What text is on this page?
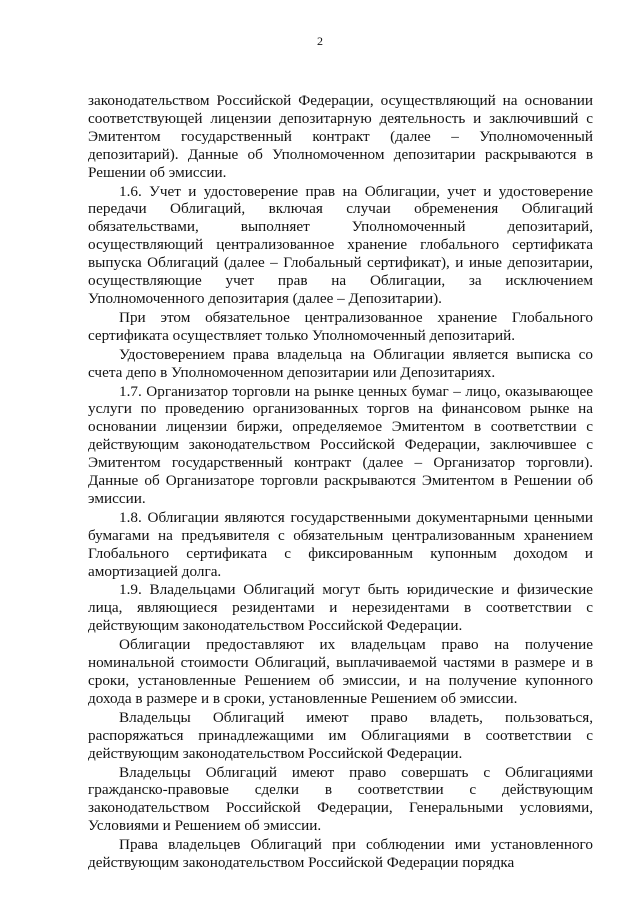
2

законодательством Российской Федерации, осуществляющий на основании соответствующей лицензии депозитарную деятельность и заключивший с Эмитентом государственный контракт (далее – Уполномоченный депозитарий). Данные об Уполномоченном депозитарии раскрываются в Решении об эмиссии.

1.6. Учет и удостоверение прав на Облигации, учет и удостоверение передачи Облигаций, включая случаи обременения Облигаций обязательствами, выполняет Уполномоченный депозитарий, осуществляющий централизованное хранение глобального сертификата выпуска Облигаций (далее – Глобальный сертификат), и иные депозитарии, осуществляющие учет прав на Облигации, за исключением Уполномоченного депозитария (далее – Депозитарии).

При этом обязательное централизованное хранение Глобального сертификата осуществляет только Уполномоченный депозитарий.

Удостоверением права владельца на Облигации является выписка со счета депо в Уполномоченном депозитарии или Депозитариях.

1.7. Организатор торговли на рынке ценных бумаг – лицо, оказывающее услуги по проведению организованных торгов на финансовом рынке на основании лицензии биржи, определяемое Эмитентом в соответствии с действующим законодательством Российской Федерации, заключившее с Эмитентом государственный контракт (далее – Организатор торговли). Данные об Организаторе торговли раскрываются Эмитентом в Решении об эмиссии.

1.8. Облигации являются государственными документарными ценными бумагами на предъявителя с обязательным централизованным хранением Глобального сертификата с фиксированным купонным доходом и амортизацией долга.

1.9. Владельцами Облигаций могут быть юридические и физические лица, являющиеся резидентами и нерезидентами в соответствии с действующим законодательством Российской Федерации.

Облигации предоставляют их владельцам право на получение номинальной стоимости Облигаций, выплачиваемой частями в размере и в сроки, установленные Решением об эмиссии, и на получение купонного дохода в размере и в сроки, установленные Решением об эмиссии.

Владельцы Облигаций имеют право владеть, пользоваться, распоряжаться принадлежащими им Облигациями в соответствии с действующим законодательством Российской Федерации.

Владельцы Облигаций имеют право совершать с Облигациями гражданско-правовые сделки в соответствии с действующим законодательством Российской Федерации, Генеральными условиями, Условиями и Решением об эмиссии.

Права владельцев Облигаций при соблюдении ими установленного действующим законодательством Российской Федерации порядка
